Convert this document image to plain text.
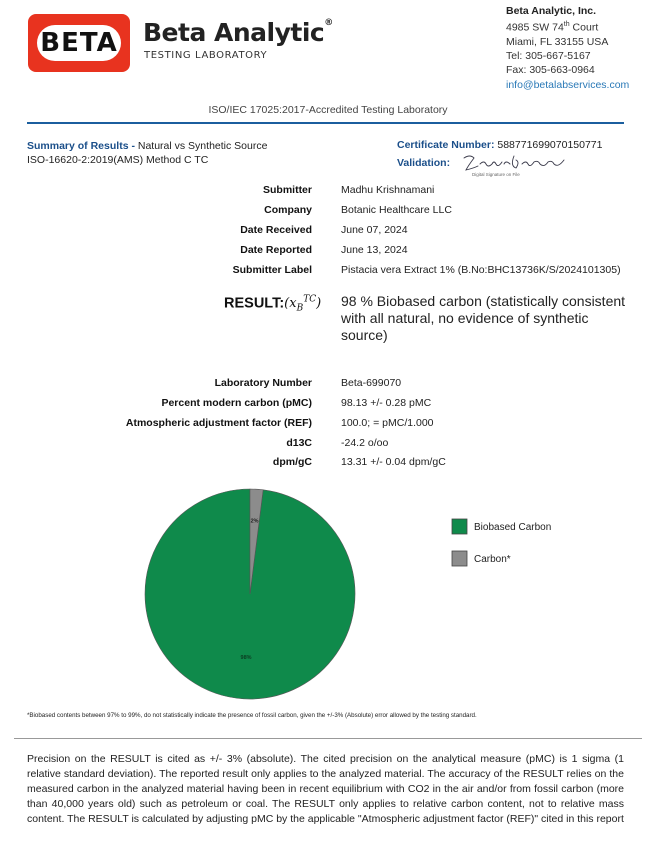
BETA Beta Analytic®
TESTING LABORATORY
Beta Analytic, Inc.
4985 SW 74th Court
Miami, FL 33155 USA
Tel: 305-667-5167
Fax: 305-663-0964
info@betalabservices.com
ISO/IEC 17025:2017-Accredited Testing Laboratory
Summary of Results - Natural vs Synthetic Source
ISO-16620-2:2019(AMS) Method C TC
Certificate Number: 588771699070150771
Validation:
Digital Signature on File
Submitter	Madhu Krishnamani
Company	Botanic Healthcare LLC
Date Received	June 07, 2024
Date Reported	June 13, 2024
Submitter Label	Pistacia vera Extract 1% (B.No:BHC13736K/S/2024101305)
$RESULT:(x_B^{TC})$ 98 % Biobased carbon (statistically consistent with all natural, no evidence of synthetic source)
Laboratory Number	Beta-699070
Percent modern carbon (pMC)	98.13 +/- 0.28 pMC
Atmospheric adjustment factor (REF)	100.0; = pMC/1.000
d13C	-24.2 o/oo
dpm/gC	13.31 +/- 0.04 dpm/gC
98%
2%
Biobased Carbon
Carbon*
*Biobased contents between 97% to 99%, do not statistically indicate the presence of fossil carbon, given the +/-3% (Absolute) error allowed by the testing standard.
Precision on the RESULT is cited as +/- 3% (absolute). The cited precision on the analytical measure (pMC) is 1 sigma (1 relative standard deviation). The reported result only applies to the analyzed material. The accuracy of the RESULT relies on the measured carbon in the analyzed material having been in recent equilibrium with CO2 in the air and/or from fossil carbon (more than 40,000 years old) such as petroleum or coal. The RESULT only applies to relative carbon content, not to relative mass content. The RESULT is calculated by adjusting pMC by the applicable "Atmospheric adjustment factor (REF)" cited in this report
